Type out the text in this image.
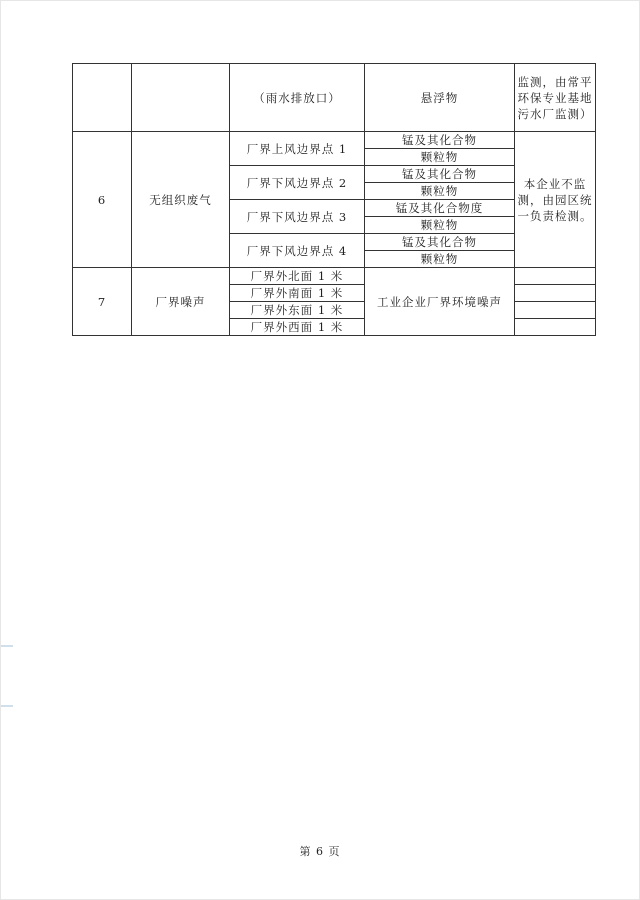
		（雨水排放口）	悬浮物	监测，由常平环保专业基地污水厂监测）
6	无组织废气	厂界上风边界点 1	锰及其化合物	本企业不监测，由园区统一负责检测。
			颗粒物	
		厂界下风边界点 2	锰及其化合物	
			颗粒物	
		厂界下风边界点 3	锰及其化合物度	
			颗粒物	
		厂界下风边界点 4	锰及其化合物	
			颗粒物	
7	厂界噪声	厂界外北面 1 米	工业企业厂界环境噪声	
		厂界外南面 1 米		
		厂界外东面 1 米		
		厂界外西面 1 米		
第 6 页
